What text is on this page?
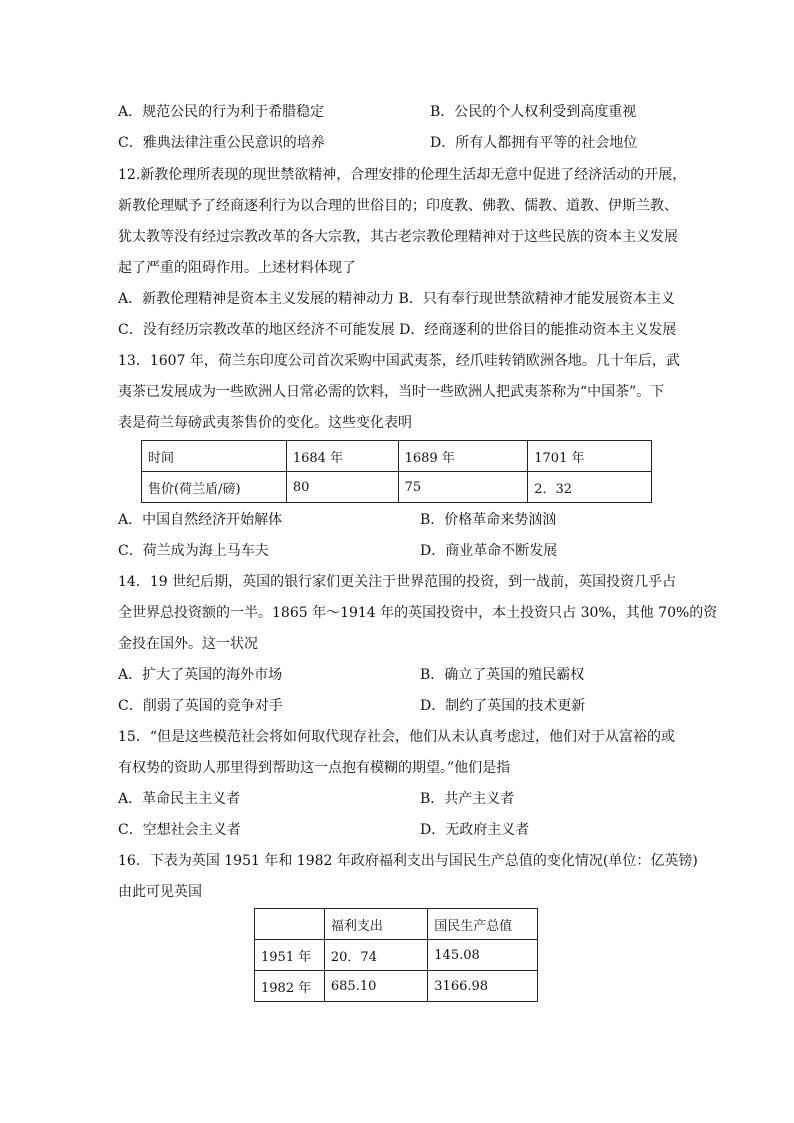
A．规范公民的行为利于希腊稳定	B．公民的个人权利受到高度重视
C．雅典法律注重公民意识的培养	D．所有人都拥有平等的社会地位
12.新教伦理所表现的现世禁欲精神，合理安排的伦理生活却无意中促进了经济活动的开展，
新教伦理赋予了经商逐利行为以合理的世俗目的；印度教、佛教、儒教、道教、伊斯兰教、
犹太教等没有经过宗教改革的各大宗教，其古老宗教伦理精神对于这些民族的资本主义发展
起了严重的阻碍作用。上述材料体现了
A．新教伦理精神是资本主义发展的精神动力 B．只有奉行现世禁欲精神才能发展资本主义
C．没有经历宗教改革的地区经济不可能发展 D．经商逐利的世俗目的能推动资本主义发展
13．1607 年，荷兰东印度公司首次采购中国武夷茶，经爪哇转销欧洲各地。几十年后，武
夷茶已发展成为一些欧洲人日常必需的饮料，当时一些欧洲人把武夷茶称为“中国茶”。下
表是荷兰每磅武夷茶售价的变化。这些变化表明
时间	1684 年	1689 年	1701 年
售价(荷兰盾/磅)	80	75	2．32
A．中国自然经济开始解体	B．价格革命来势汹汹
C．荷兰成为海上马车夫	D．商业革命不断发展
14．19 世纪后期，英国的银行家们更关注于世界范围的投资，到一战前，英国投资几乎占
全世界总投资额的一半。1865 年～1914 年的英国投资中，本土投资只占 30%，其他 70%的资
金投在国外。这一状况
A．扩大了英国的海外市场	B．确立了英国的殖民霸权
C．削弱了英国的竞争对手	D．制约了英国的技术更新
15．“但是这些模范社会将如何取代现存社会，他们从未认真考虑过，他们对于从富裕的或
有权势的资助人那里得到帮助这一点抱有模糊的期望。”他们是指
A．革命民主主义者	B．共产主义者
C．空想社会主义者	D．无政府主义者
16．下表为英国 1951 年和 1982 年政府福利支出与国民生产总值的变化情况(单位：亿英镑)
由此可见英国
	福利支出	国民生产总值
1951 年	20．74	145.08
1982 年	685.10	3166.98
